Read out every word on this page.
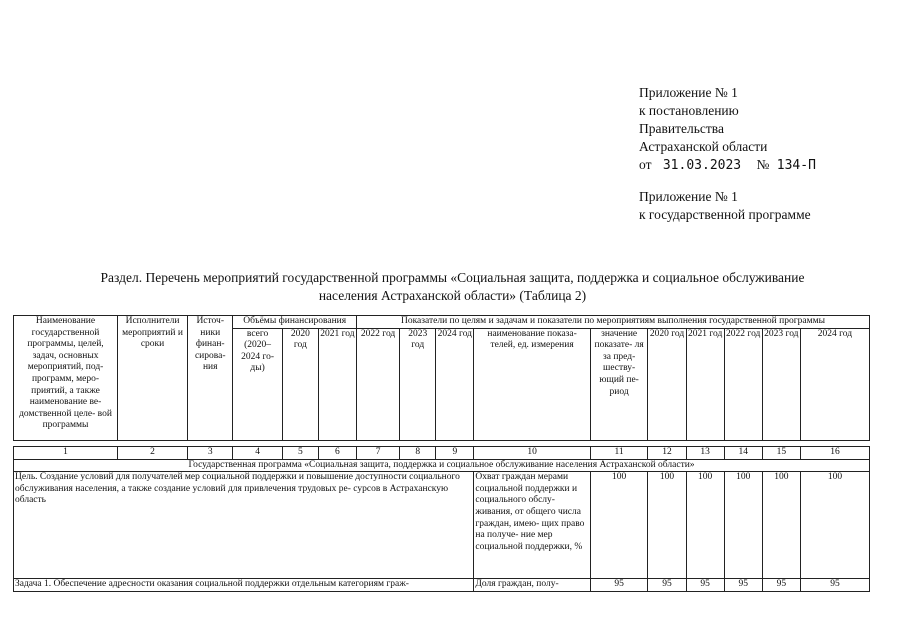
Приложение № 1
к постановлению
Правительства
Астраханской области
от 31.03.2023 № 134-П
Приложение № 1
к государственной программе
Раздел. Перечень мероприятий государственной программы «Социальная защита, поддержка и социальное обслуживание
населения Астраханской области» (Таблица 2)
Наименование государственной программы, целей, задач, основных мероприятий, под- программ, меро- приятий, а также наименование ве- домственной целе- вой программы	Исполнители мероприятий и сроки	Источ- ники финан- сирова- ния	Объёмы финансирования			Показатели по целям и задачам и показатели по мероприятиям выполнения государственной программы									
			всего (2020– 2024 го- ды)	2020 год	2021 год	2022 год	2023 год	2024 год	наименование показа- телей, ед. измерения	значение показате- ля за пред- шеству- ющий пе- риод	2020 год	2021 год	2022 год	2023 год	2024 год
1	2	3	4	5	6	7	8	9	10	11	12	13	14	15	16
Государственная программа «Социальная защита, поддержка и социальное обслуживание населения Астраханской области»															
Цель. Создание условий для получателей мер социальной поддержки и повышение доступности социального обслуживания населения, а также создание условий для привлечения трудовых ре- сурсов в Астраханскую область									Охват граждан мерами социальной поддержки и социального обслу- живания, от общего числа граждан, имею- щих право на получе- ние мер социальной поддержки, %	100	100	100	100	100	100
Задача 1. Обеспечение адресности оказания социальной поддержки отдельным категориям граж-									Доля граждан, полу-	95	95	95	95	95	95
